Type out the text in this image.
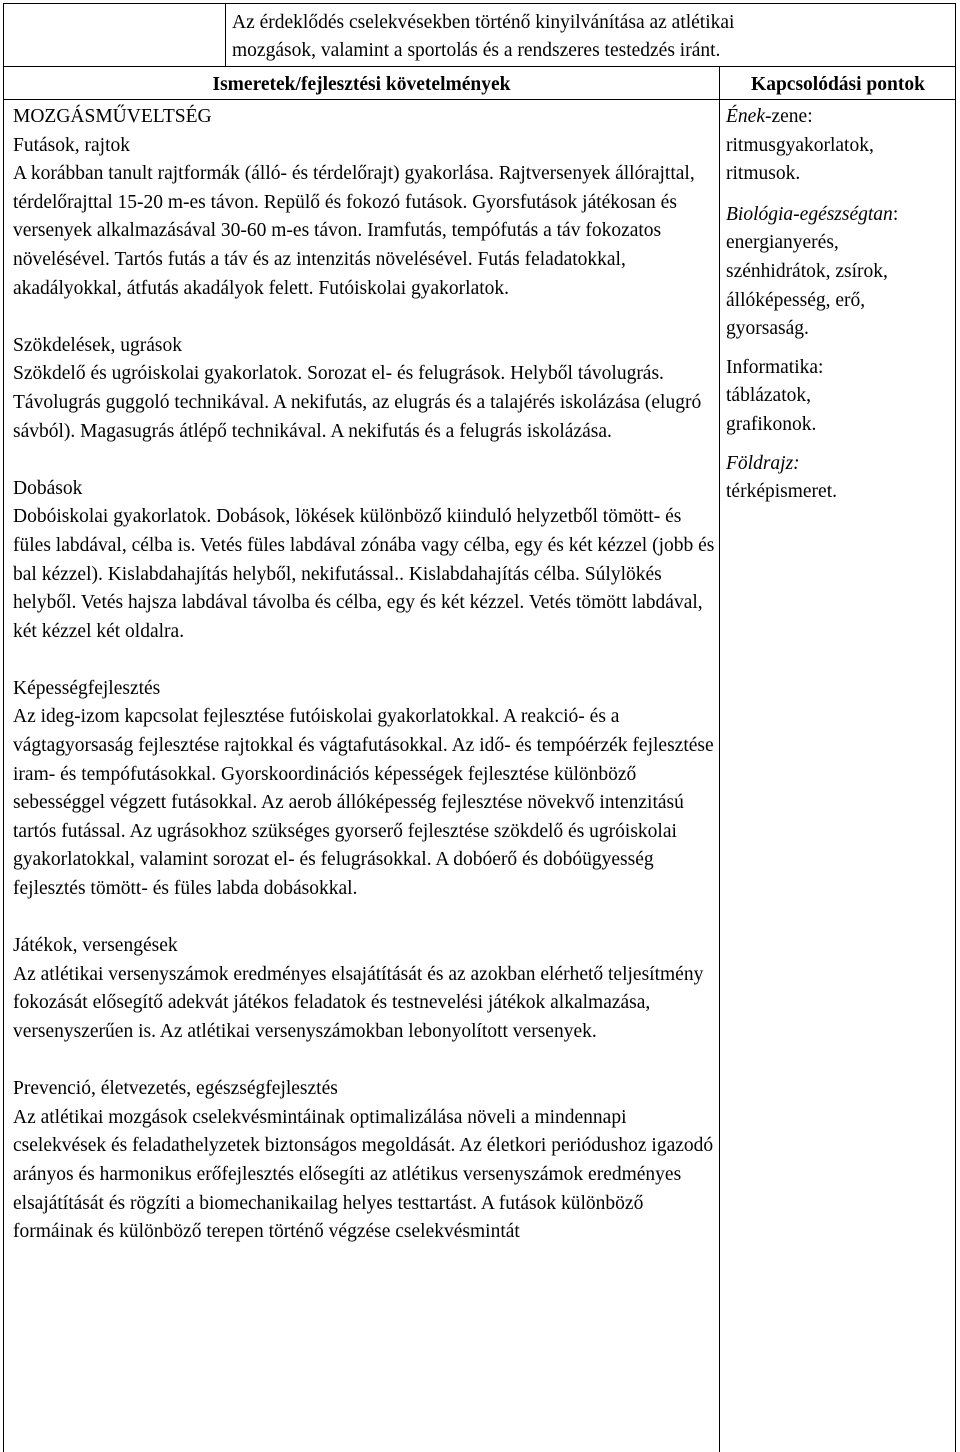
Az érdeklődés cselekvésekben történő kinyilvánítása az atlétikai
mozgások, valamint a sportolás és a rendszeres testedzés iránt.
Ismeretek/fejlesztési követelmények	Kapcsolódási pontok

MOZGÁSMŰVELTSÉG

Futások, rajtok

A korábban tanult rajtformák (álló- és térdelőrajt) gyakorlása. Rajtversenyek állórajttal, térdelőrajttal 15-20 m-es távon. Repülő és fokozó futások. Gyorsfutások játékosan és versenyek alkalmazásával 30-60 m-es távon. Iramfutás, tempófutás a táv fokozatos növelésével. Tartós futás a táv és az intenzitás növelésével. Futás feladatokkal, akadályokkal, átfutás akadályok felett. Futóiskolai gyakorlatok.

Szökdelések, ugrások

Szökdelő és ugróiskolai gyakorlatok. Sorozat el- és felugrások. Helyből távolugrás. Távolugrás guggoló technikával. A nekifutás, az elugrás és a talajérés iskolázása (elugró sávból). Magasugrás átlépő technikával. A nekifutás és a felugrás iskolázása.

Dobások

Dobóiskolai gyakorlatok. Dobások, lökések különböző kiinduló helyzetből tömött- és füles labdával, célba is. Vetés füles labdával zónába vagy célba, egy és két kézzel (jobb és bal kézzel). Kislabdahajítás helyből, nekifutással.. Kislabdahajítás célba. Súlylökés helyből. Vetés hajsza labdával távolba és célba, egy és két kézzel. Vetés tömött labdával, két kézzel két oldalra.

Képességfejlesztés

Az ideg-izom kapcsolat fejlesztése futóiskolai gyakorlatokkal. A reakció- és a vágtagyorsaság fejlesztése rajtokkal és vágtafutásokkal. Az idő- és tempóérzék fejlesztése iram- és tempófutásokkal. Gyorskoordinációs képességek fejlesztése különböző sebességgel végzett futásokkal. Az aerob állóképesség fejlesztése növekvő intenzitású tartós futással. Az ugrásokhoz szükséges gyorserő fejlesztése szökdelő és ugróiskolai gyakorlatokkal, valamint sorozat el- és felugrásokkal. A dobóerő és dobóügyesség fejlesztés tömött- és füles labda dobásokkal.

Játékok, versengések

Az atlétikai versenyszámok eredményes elsajátítását és az azokban elérhető teljesítmény fokozását elősegítő adekvát játékos feladatok és testnevelési játékok alkalmazása, versenyszerűen is. Az atlétikai versenyszámokban lebonyolított versenyek.

Prevenció, életvezetés, egészségfejlesztés

Az atlétikai mozgások cselekvésmintáinak optimalizálása növeli a mindennapi cselekvések és feladathelyzetek biztonságos megoldását. Az életkori periódushoz igazodó arányos és harmonikus erőfejlesztés elősegíti az atlétikus versenyszámok eredményes elsajátítását és rögzíti a biomechanikailag helyes testtartást. A futások különböző formáinak és különböző terepen történő végzése cselekvésmintát

Ének-zene:

ritmusgyakorlatok,

ritmusok.

Biológia-egészségtan:

energianyerés,

szénhidrátok, zsírok,

állóképesség, erő,

gyorsaság.

Informatika:

táblázatok,

grafikonok.

Földrajz:

térképismeret.
